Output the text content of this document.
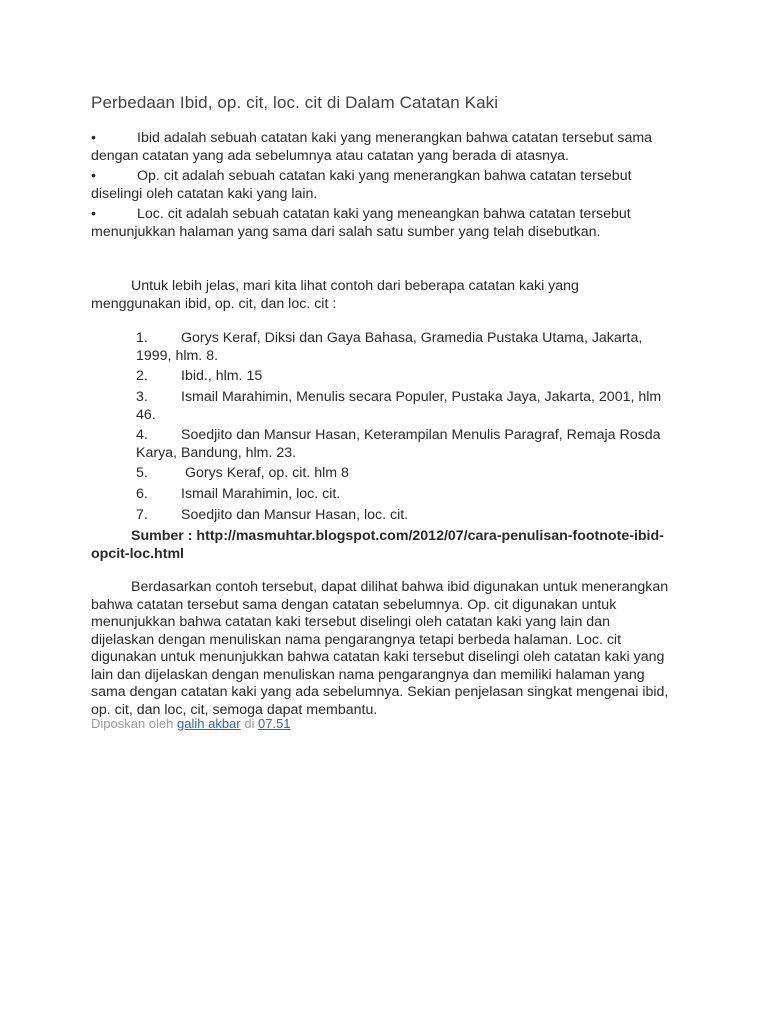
Perbedaan Ibid, op. cit, loc. cit di Dalam Catatan Kaki
•	Ibid adalah sebuah catatan kaki yang menerangkan bahwa catatan tersebut sama
dengan catatan yang ada sebelumnya atau catatan yang berada di atasnya.
•	Op. cit adalah sebuah catatan kaki yang menerangkan bahwa catatan tersebut
diselingi oleh catatan kaki yang lain.
•	Loc. cit adalah sebuah catatan kaki yang meneangkan bahwa catatan tersebut
menunjukkan halaman yang sama dari salah satu sumber yang telah disebutkan.
Untuk lebih jelas, mari kita lihat contoh dari beberapa catatan kaki yang
menggunakan ibid, op. cit, dan loc. cit :
1. Gorys Keraf, Diksi dan Gaya Bahasa, Gramedia Pustaka Utama, Jakarta,
1999, hlm. 8.
2. Ibid., hlm. 15
3. Ismail Marahimin, Menulis secara Populer, Pustaka Jaya, Jakarta, 2001, hlm
46.
4. Soedjito dan Mansur Hasan, Keterampilan Menulis Paragraf, Remaja Rosda
Karya, Bandung, hlm. 23.
5. Gorys Keraf, op. cit. hlm 8
6. Ismail Marahimin, loc. cit.
7. Soedjito dan Mansur Hasan, loc. cit.
Sumber : http://masmuhtar.blogspot.com/2012/07/cara-penulisan-footnote-ibid-
opcit-loc.html
Berdasarkan contoh tersebut, dapat dilihat bahwa ibid digunakan untuk menerangkan
bahwa catatan tersebut sama dengan catatan sebelumnya. Op. cit digunakan untuk
menunjukkan bahwa catatan kaki tersebut diselingi oleh catatan kaki yang lain dan
dijelaskan dengan menuliskan nama pengarangnya tetapi berbeda halaman. Loc. cit
digunakan untuk menunjukkan bahwa catatan kaki tersebut diselingi oleh catatan kaki yang
lain dan dijelaskan dengan menuliskan nama pengarangnya dan memiliki halaman yang
sama dengan catatan kaki yang ada sebelumnya. Sekian penjelasan singkat mengenai ibid,
op. cit, dan loc, cit, semoga dapat membantu.
Diposkan oleh galih akbar di 07.51
